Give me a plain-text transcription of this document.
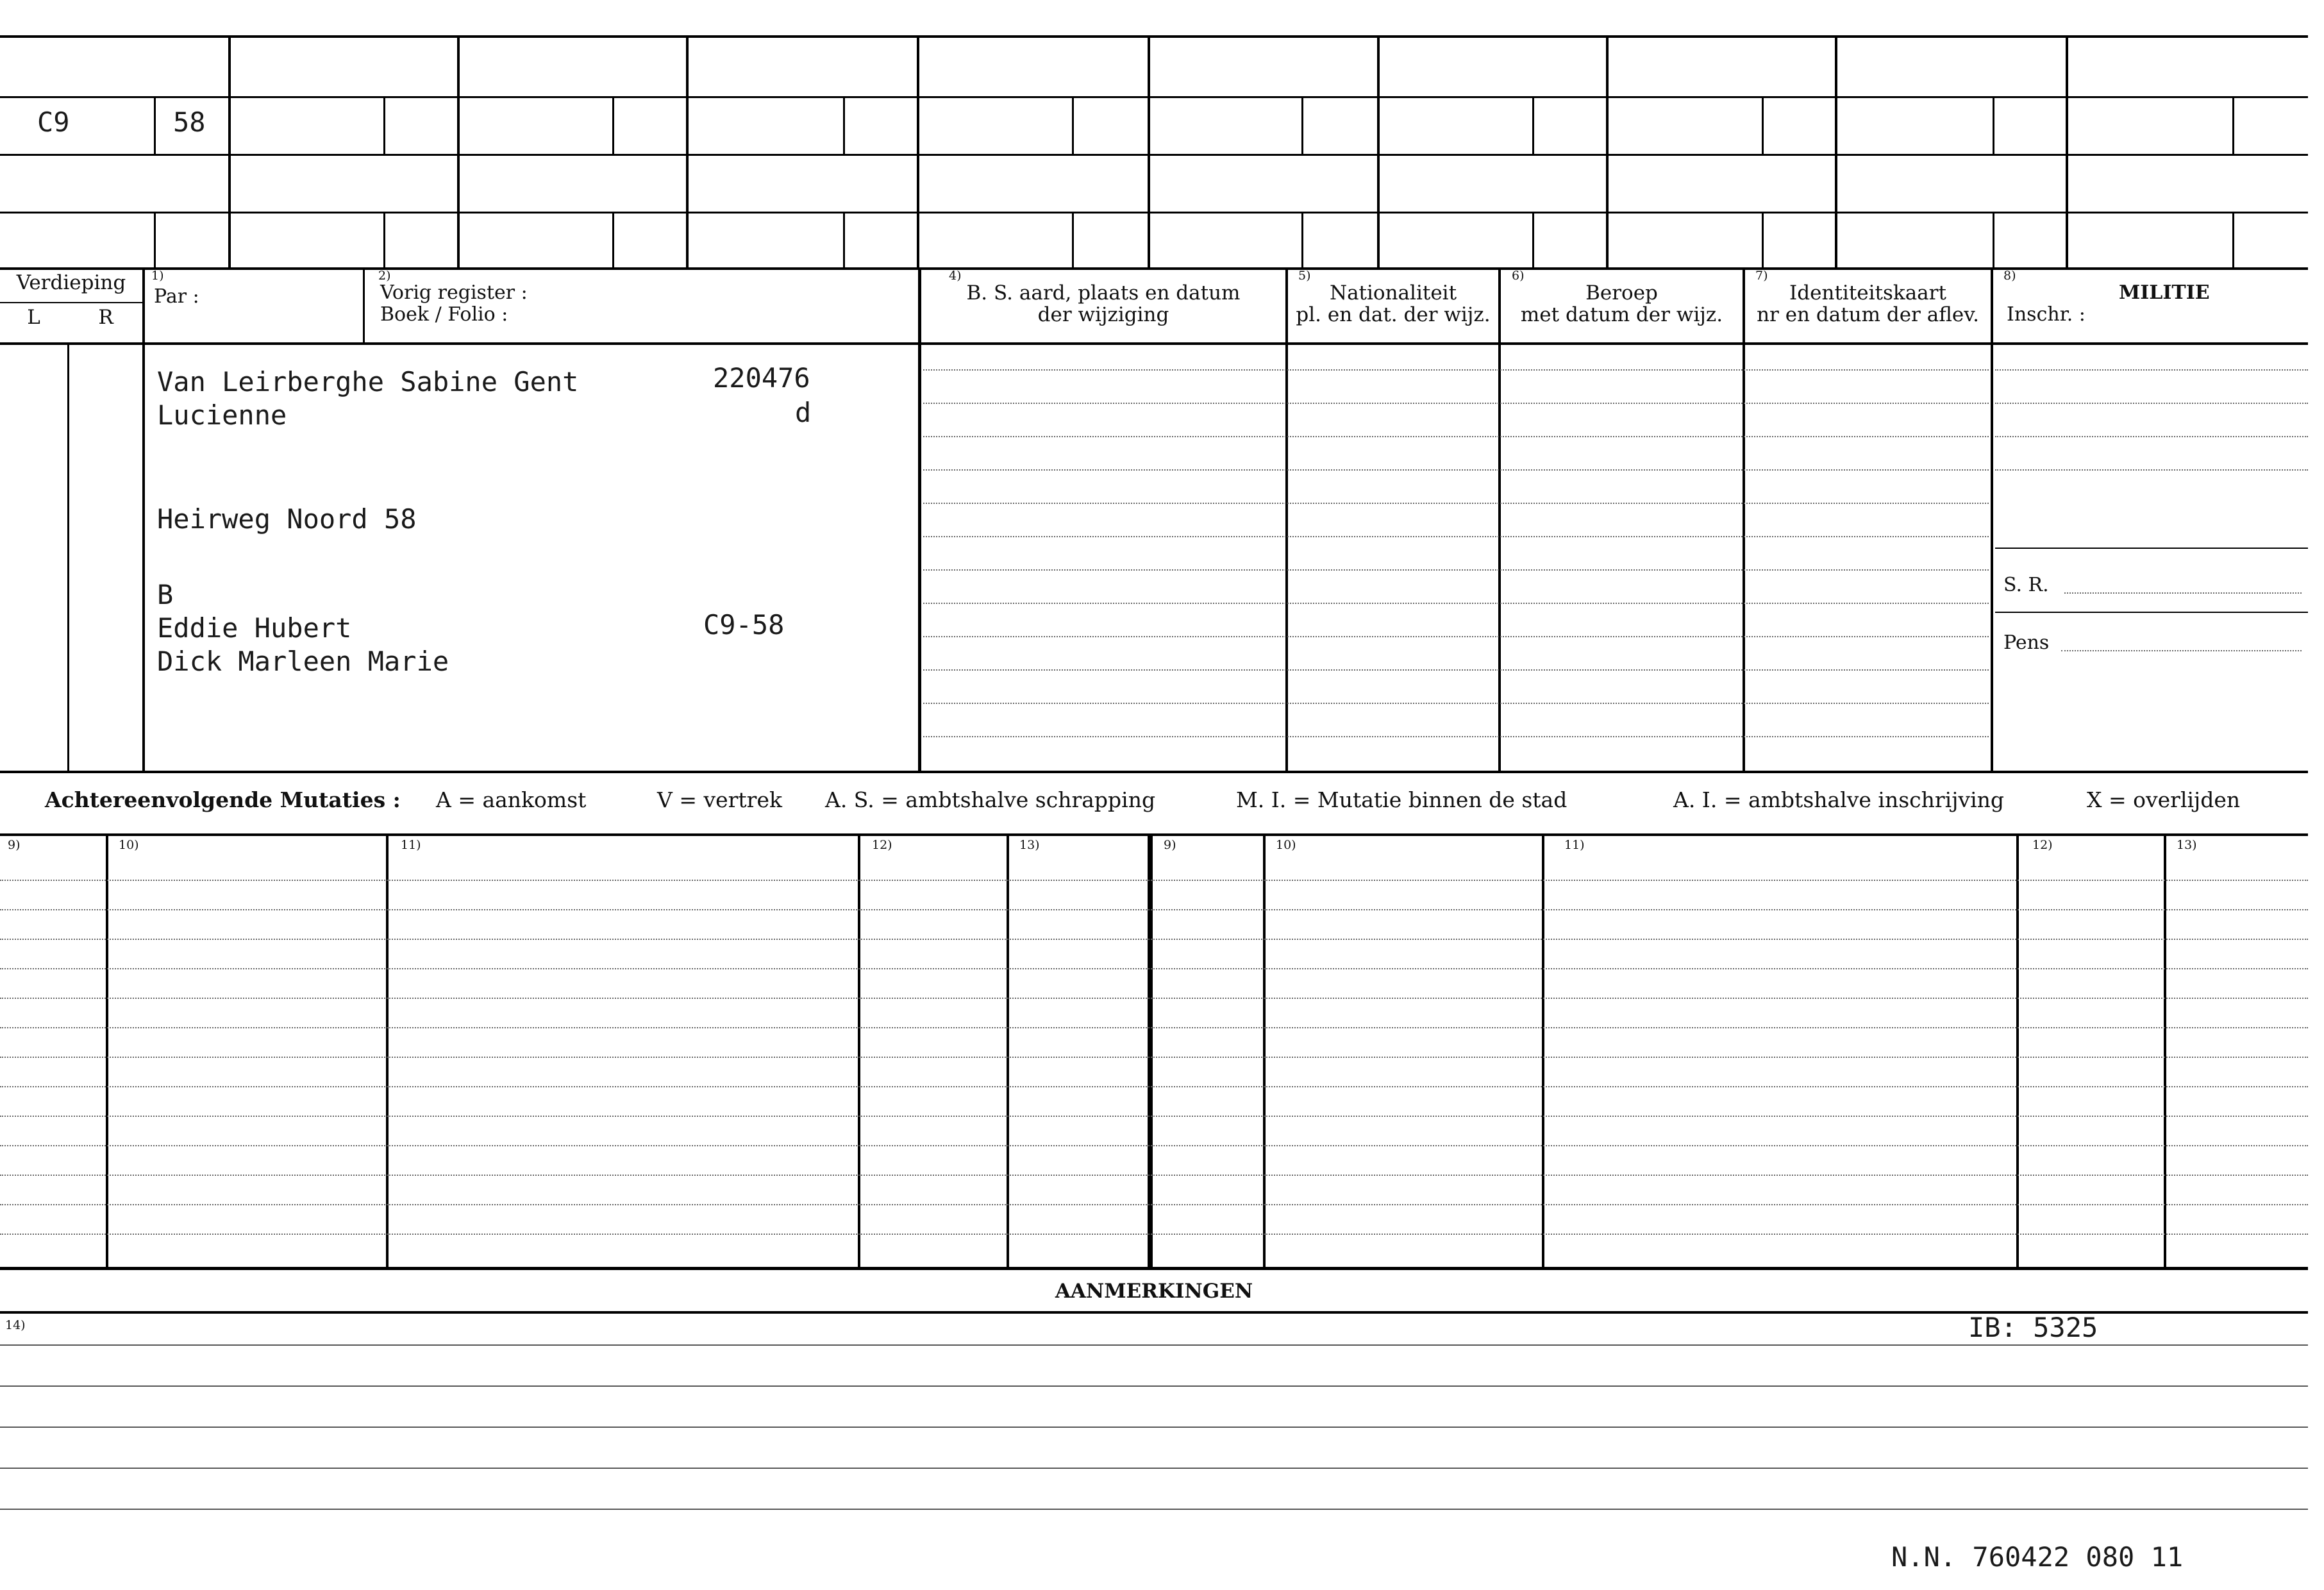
C9	58
Verdieping
L	R
1)
Par :
2)
Vorig register :
Boek / Folio :
4)
B. S. aard, plaats en datum
der wijziging
5)
Nationaliteit
pl. en dat. der wijz.
6)
Beroep
met datum der wijz.
7)
Identiteitskaart
nr en datum der aflev.
8)
MILITIE
Inschr. :
S. R.
Pens
Van Leirberghe Sabine Gent
Lucienne
220476
d
Heirweg Noord 58
B
Eddie Hubert	C9-58
Dick Marleen Marie
Achtereenvolgende Mutaties : A = aankomst	V = vertrek A. S. = ambtshalve schrapping	M. I. = Mutatie binnen de stad	A. I. = ambtshalve inschrijving	X = overlijden
9)	10)	11)	12)	13)	9)	10)	11)	12)	13)
AANMERKINGEN
14)	IB: 5325
N.N. 760422 080 11
